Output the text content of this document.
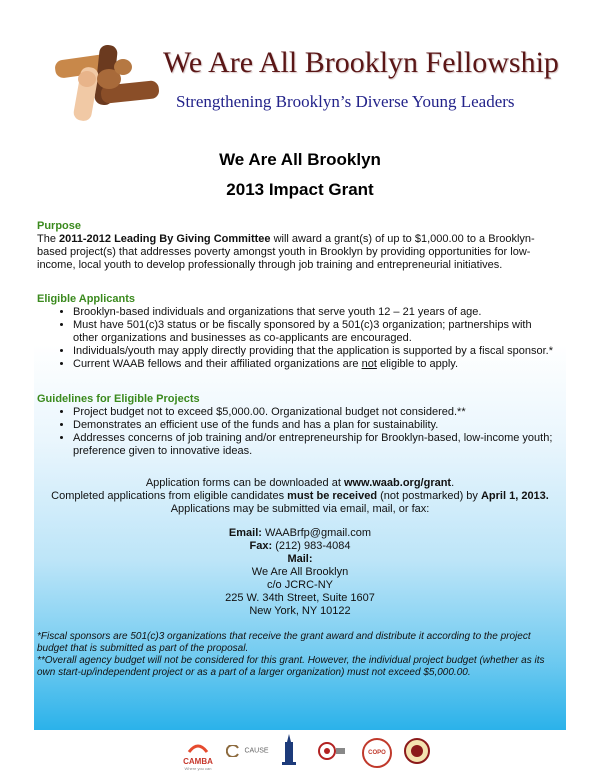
We Are All Brooklyn Fellowship
Strengthening Brooklyn’s Diverse Young Leaders
We Are All Brooklyn
2013 Impact Grant
Purpose

The 2011-2012 Leading By Giving Committee will award a grant(s) of up to $1,000.00 to a Brooklyn-based project(s) that addresses poverty amongst youth in Brooklyn by providing opportunities for low-income, local youth to develop professionally through job training and entrepreneurial initiatives.

Eligible Applicants
• Brooklyn-based individuals and organizations that serve youth 12 – 21 years of age.
• Must have 501(c)3 status or be fiscally sponsored by a 501(c)3 organization; partnerships with other organizations and businesses as co-applicants are encouraged.
• Individuals/youth may apply directly providing that the application is supported by a fiscal sponsor.*
• Current WAAB fellows and their affiliated organizations are not eligible to apply.
Guidelines for Eligible Projects
• Project budget not to exceed $5,000.00. Organizational budget not considered.**
• Demonstrates an efficient use of the funds and has a plan for sustainability.
• Addresses concerns of job training and/or entrepreneurship for Brooklyn-based, low-income youth; preference given to innovative ideas.
Application forms can be downloaded at www.waab.org/grant.
Completed applications from eligible candidates must be received (not postmarked) by April 1, 2013.
Applications may be submitted via email, mail, or fax:
Email: WAABrfp@gmail.com
Fax: (212) 983-4084
Mail:
We Are All Brooklyn
c/o JCRC-NY
225 W. 34th Street, Suite 1607
New York, NY 10122

*Fiscal sponsors are 501(c)3 organizations that receive the grant award and distribute it according to the project budget that is submitted as part of the proposal.

**Overall agency budget will not be considered for this grant. However, the individual project budget (whether as its own start-up/independent project or as a part of a larger organization) must not exceed $5,000.00.

CAMBA
Where you can
CAUSE	COPO
